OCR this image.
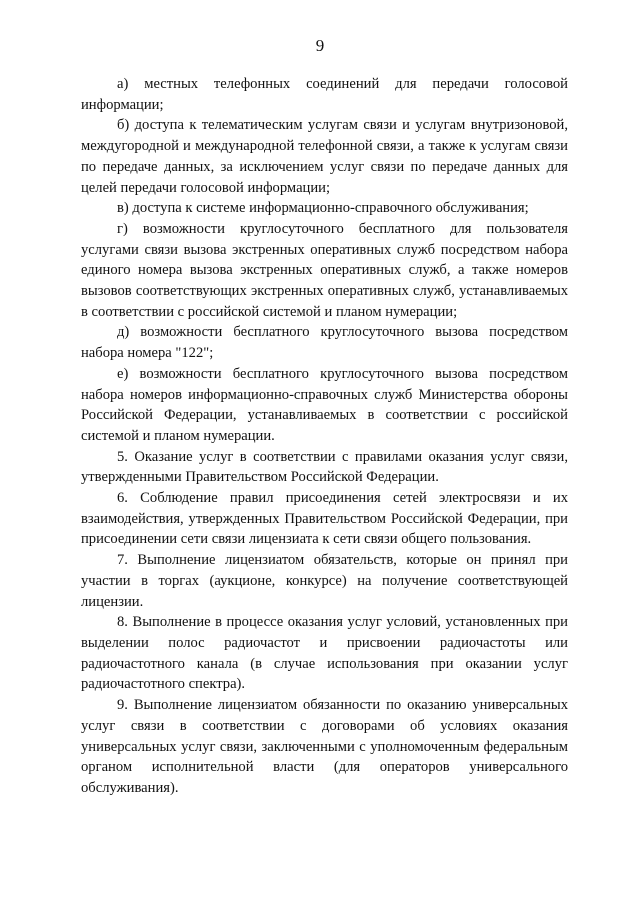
9

а) местных телефонных соединений для передачи голосовой информации;

б) доступа к телематическим услугам связи и услугам внутризоновой, междугородной и международной телефонной связи, а также к услугам связи по передаче данных, за исключением услуг связи по передаче данных для целей передачи голосовой информации;

в) доступа к системе информационно-справочного обслуживания;

г) возможности круглосуточного бесплатного для пользователя услугами связи вызова экстренных оперативных служб посредством набора единого номера вызова экстренных оперативных служб, а также номеров вызовов соответствующих экстренных оперативных служб, устанавливаемых в соответствии с российской системой и планом нумерации;

д) возможности бесплатного круглосуточного вызова посредством набора номера "122";

е) возможности бесплатного круглосуточного вызова посредством набора номеров информационно-справочных служб Министерства обороны Российской Федерации, устанавливаемых в соответствии с российской системой и планом нумерации.

5. Оказание услуг в соответствии с правилами оказания услуг связи, утвержденными Правительством Российской Федерации.

6. Соблюдение правил присоединения сетей электросвязи и их взаимодействия, утвержденных Правительством Российской Федерации, при присоединении сети связи лицензиата к сети связи общего пользования.

7. Выполнение лицензиатом обязательств, которые он принял при участии в торгах (аукционе, конкурсе) на получение соответствующей лицензии.

8. Выполнение в процессе оказания услуг условий, установленных при выделении полос радиочастот и присвоении радиочастоты или радиочастотного канала (в случае использования при оказании услуг радиочастотного спектра).

9. Выполнение лицензиатом обязанности по оказанию универсальных услуг связи в соответствии с договорами об условиях оказания универсальных услуг связи, заключенными с уполномоченным федеральным органом исполнительной власти (для операторов универсального обслуживания).
